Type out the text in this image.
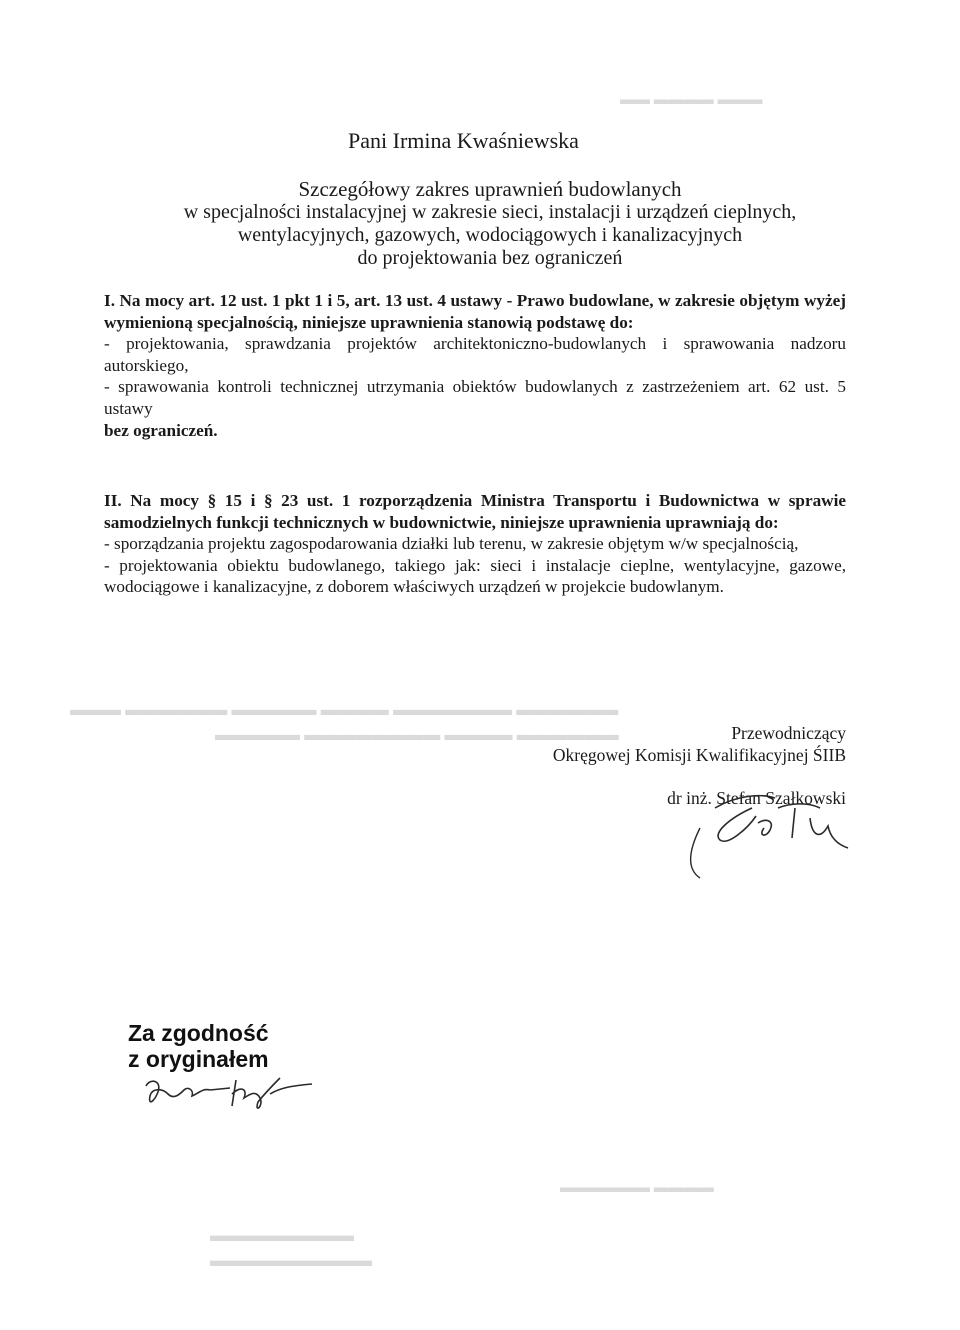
▬▬▬ ▬▬▬▬ ▬▬
▬▬▬▬▬▬ ▬▬▬▬▬▬▬ ▬▬▬▬ ▬▬▬▬▬ ▬▬▬▬▬▬ ▬▬▬
▬▬▬▬▬▬ ▬▬▬▬ ▬▬▬▬▬▬▬▬ ▬▬▬▬▬
▬▬▬▬ ▬▬▬▬▬▬
▬▬▬▬▬▬▬▬
▬▬▬▬▬▬▬▬▬
Pani Irmina Kwaśniewska
Szczegółowy zakres uprawnień budowlanych
w specjalności instalacyjnej w zakresie sieci, instalacji i urządzeń cieplnych,
wentylacyjnych, gazowych, wodociągowych i kanalizacyjnych
do projektowania bez ograniczeń

I. Na mocy art. 12 ust. 1 pkt 1 i 5, art. 13 ust. 4 ustawy - Prawo budowlane, w zakresie objętym wyżej wymienioną specjalnością, niniejsze uprawnienia stanowią podstawę do:

- projektowania, sprawdzania projektów architektoniczno-budowlanych i sprawowania nadzoru autorskiego,

- sprawowania kontroli technicznej utrzymania obiektów budowlanych z zastrzeżeniem art. 62 ust. 5 ustawy

bez ograniczeń.

II. Na mocy § 15 i § 23 ust. 1 rozporządzenia Ministra Transportu i Budownictwa w sprawie samodzielnych funkcji technicznych w budownictwie, niniejsze uprawnienia uprawniają do:

- sporządzania projektu zagospodarowania działki lub terenu, w zakresie objętym w/w specjalnością,

- projektowania obiektu budowlanego, takiego jak: sieci i instalacje cieplne, wentylacyjne, gazowe, wodociągowe i kanalizacyjne, z doborem właściwych urządzeń w projekcie budowlanym.

Przewodniczący
Okręgowej Komisji Kwalifikacyjnej ŚIIB
dr inż. Stefan Szałkowski
Za zgodność
z oryginałem
